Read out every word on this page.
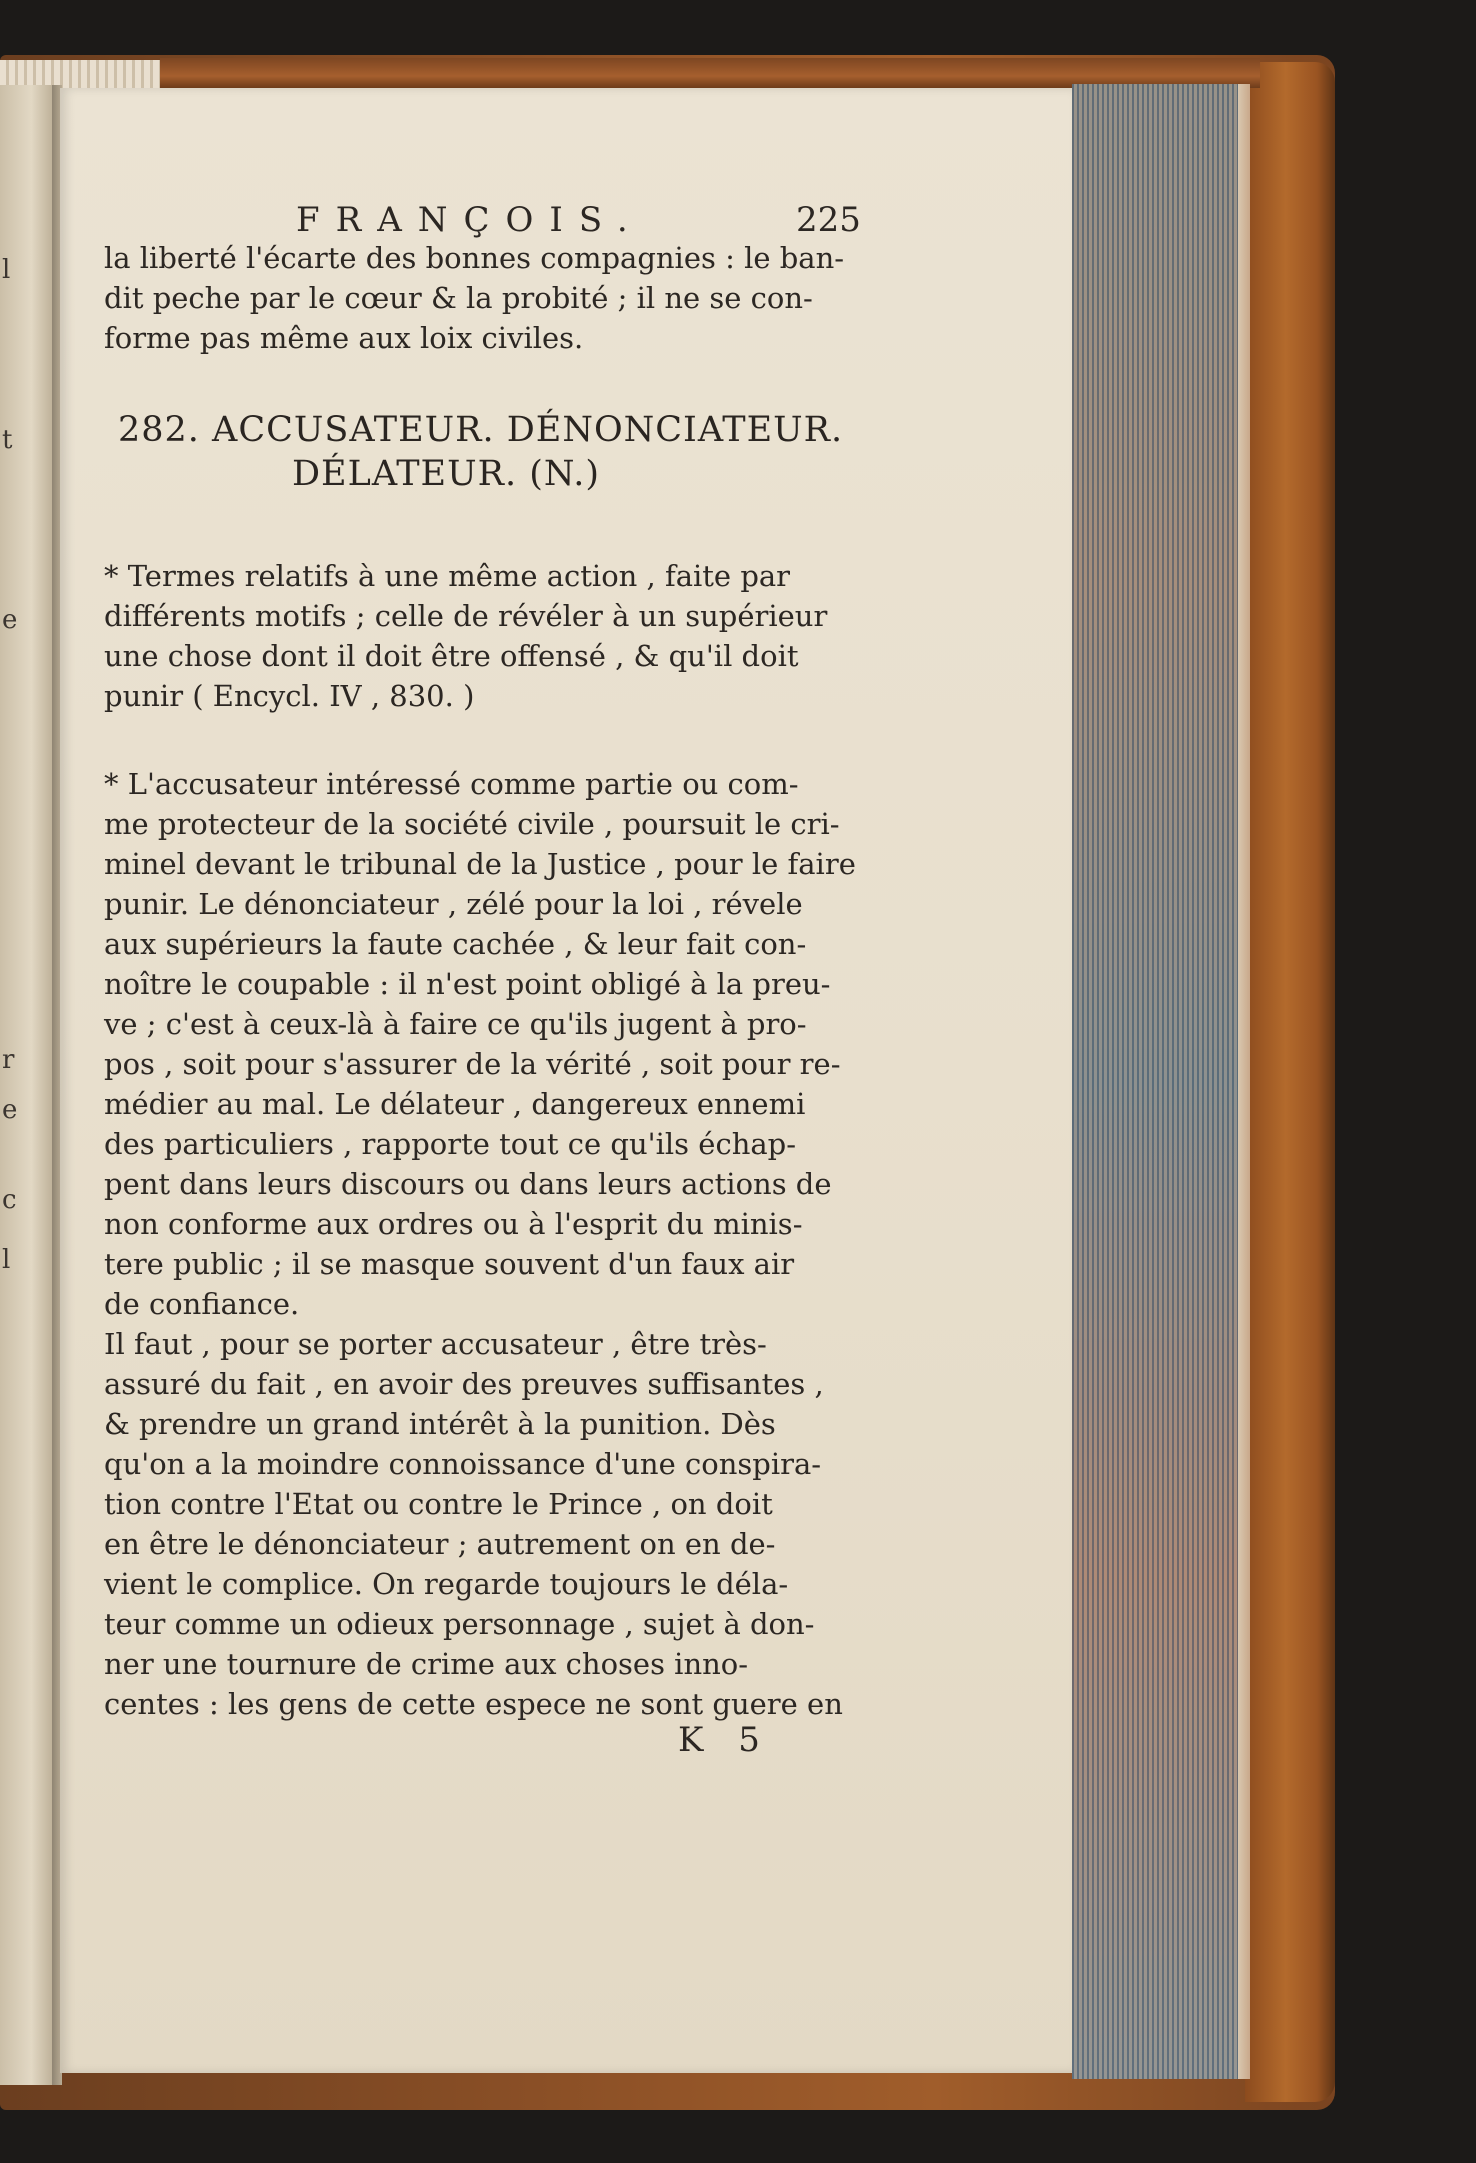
l
t
e
r
e
c
l
FRANÇOIS.	225
la liberté l'écarte des bonnes compagnies : le ban-
dit peche par le cœur & la probité ; il ne se con-
forme pas même aux loix civiles.
282. ACCUSATEUR. DÉNONCIATEUR.
DÉLATEUR. (N.)
* Termes relatifs à une même action , faite par
différents motifs ; celle de révéler à un supérieur
une chose dont il doit être offensé , & qu'il doit
punir ( Encycl. IV , 830. )
* L'accusateur intéressé comme partie ou com-
me protecteur de la société civile , poursuit le cri-
minel devant le tribunal de la Justice , pour le faire
punir. Le dénonciateur , zélé pour la loi , révele
aux supérieurs la faute cachée , & leur fait con-
noître le coupable : il n'est point obligé à la preu-
ve ; c'est à ceux-là à faire ce qu'ils jugent à pro-
pos , soit pour s'assurer de la vérité , soit pour re-
médier au mal. Le délateur , dangereux ennemi
des particuliers , rapporte tout ce qu'ils échap-
pent dans leurs discours ou dans leurs actions de
non conforme aux ordres ou à l'esprit du minis-
tere public ; il se masque souvent d'un faux air
de confiance.
Il faut , pour se porter accusateur , être très-
assuré du fait , en avoir des preuves suffisantes ,
& prendre un grand intérêt à la punition. Dès
qu'on a la moindre connoissance d'une conspira-
tion contre l'Etat ou contre le Prince , on doit
en être le dénonciateur ; autrement on en de-
vient le complice. On regarde toujours le déla-
teur comme un odieux personnage , sujet à don-
ner une tournure de crime aux choses inno-
centes : les gens de cette espece ne sont guere en
K 5
